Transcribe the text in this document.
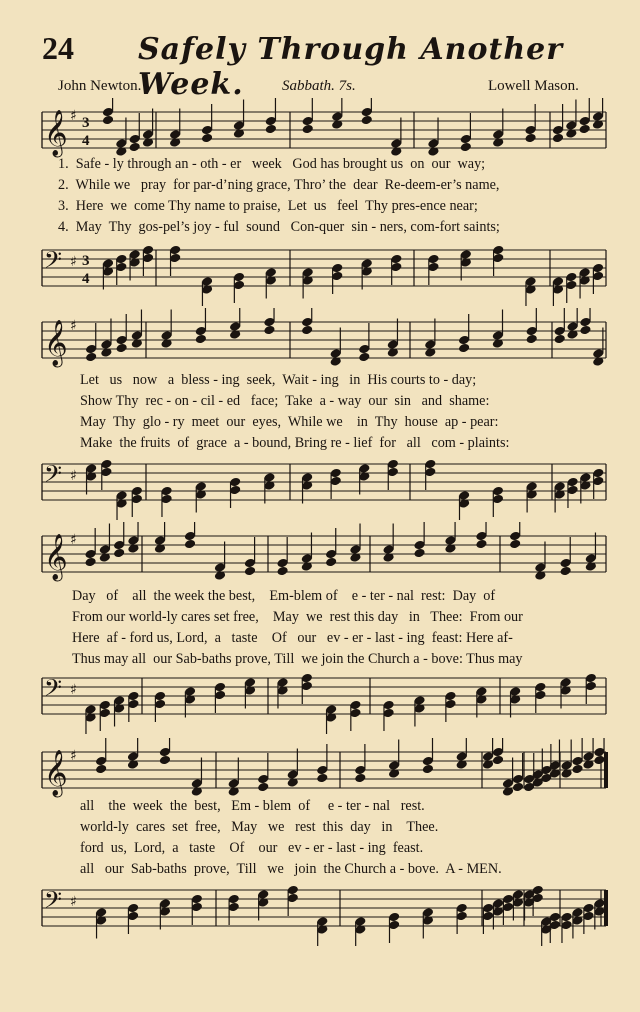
24 Safely Through Another Week.
John Newton.	Sabbath. 7s.	Lowell Mason.
𝄞 ♯ 3
4
1.  Safe - ly through an - oth - er   week   God has brought us  on  our  way;
2.  While we   pray  for par-d’ning grace, Thro’ the  dear  Re-deem-er’s name,
3.  Here  we  come Thy name to praise,  Let  us   feel  Thy pres-ence near;
4.  May  Thy  gos-pel’s joy - ful  sound   Con-quer  sin - ners, com-fort saints;
𝄢 ♯ 3
4
𝄞 ♯
Let   us   now   a  bless - ing  seek,  Wait - ing   in  His courts to - day;
Show Thy  rec - on - cil - ed   face;  Take  a - way  our  sin   and  shame:
May  Thy  glo - ry  meet  our  eyes,  While we    in  Thy  house  ap - pear:
Make  the fruits  of  grace  a - bound, Bring re - lief  for   all   com - plaints:
𝄢 ♯
𝄞 ♯
Day   of    all  the week the best,    Em-blem of    e - ter - nal  rest:  Day  of
From our world-ly cares set free,    May  we  rest this day   in   Thee:  From our
Here  af - ford us, Lord,  a   taste    Of   our   ev - er - last - ing  feast: Here af-
Thus may all  our Sab-baths prove, Till  we join the Church a - bove: Thus may
𝄢 ♯
𝄞 ♯
all    the  week  the  best,   Em - blem  of     e - ter - nal   rest.
world-ly  cares  set  free,   May   we   rest  this  day   in    Thee.
ford  us,  Lord,  a   taste    Of    our   ev - er - last - ing  feast.
all   our  Sab-baths  prove,  Till   we   join  the Church a - bove.  A - MEN.
𝄢 ♯
